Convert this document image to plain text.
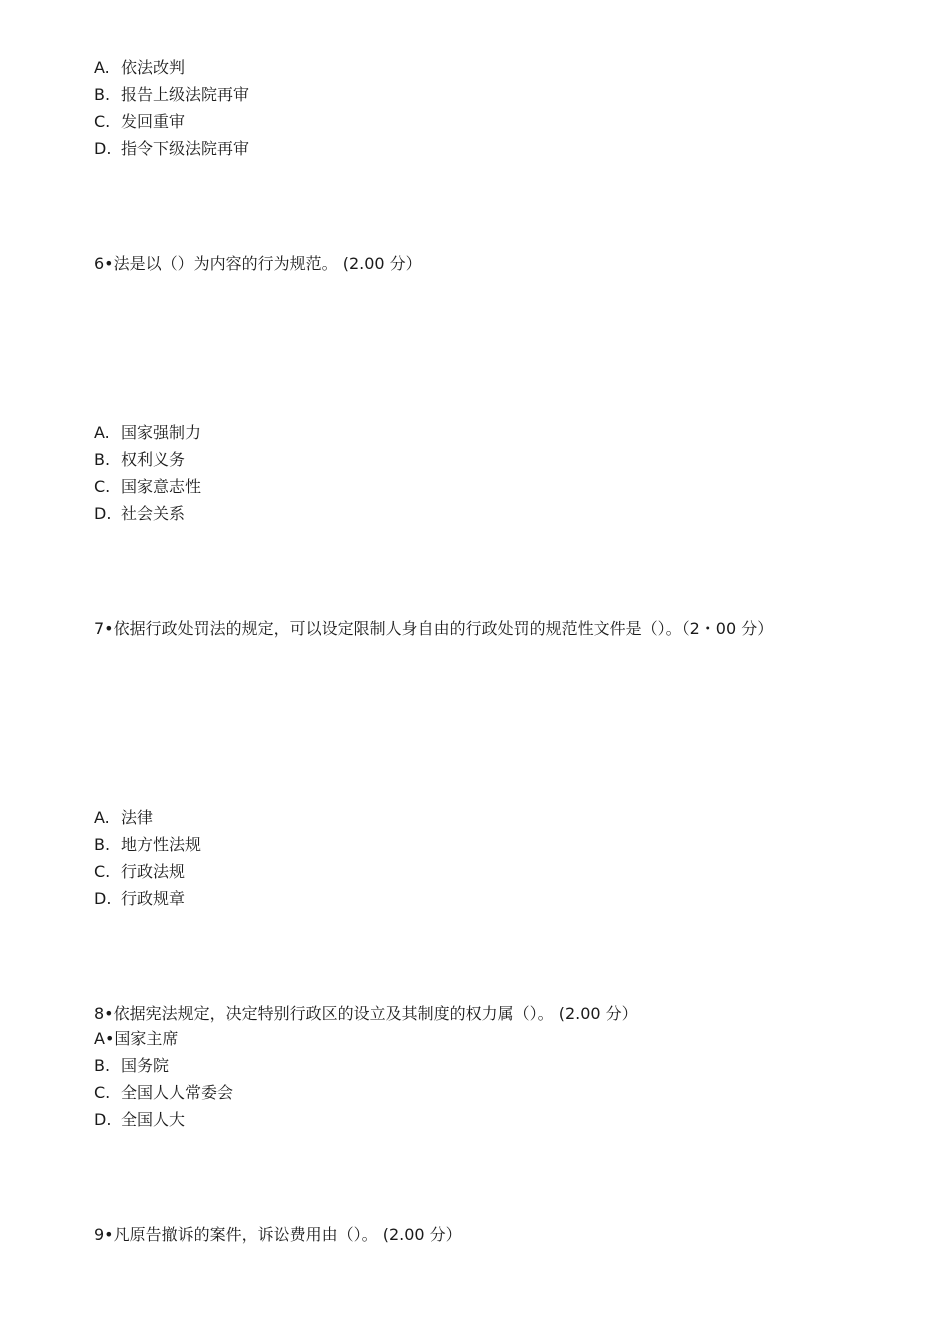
A. 依法改判
B. 报告上级法院再审
C. 发回重审
D. 指令下级法院再审
6•法是以（）为内容的行为规范。 (2.00 分）
A. 国家强制力
B. 权利义务
C. 国家意志性
D. 社会关系
7•依据行政处罚法的规定，可以设定限制人身自由的行政处罚的规范性文件是（）。（2・00 分）
A. 法律
B. 地方性法规
C. 行政法规
D. 行政规章
8•依据宪法规定，决定特别行政区的设立及其制度的权力属（）。 (2.00 分）
A•国家主席
B. 国务院
C. 全国人人常委会
D. 全国人大
9•凡原告撤诉的案件，诉讼费用由（）。 (2.00 分）
